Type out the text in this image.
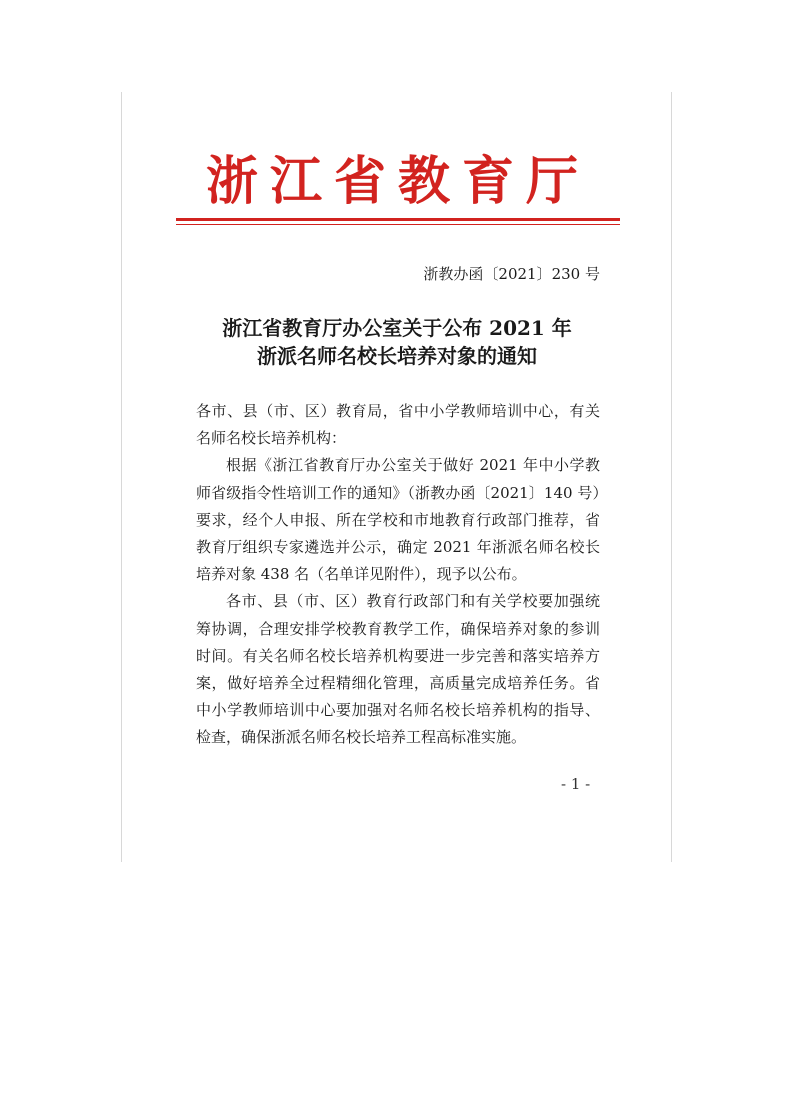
浙江省教育厅
浙教办函〔2021〕230 号
浙江省教育厅办公室关于公布 2021 年
浙派名师名校长培养对象的通知

各市、县（市、区）教育局，省中小学教师培训中心，有关名师名校长培养机构：

根据《浙江省教育厅办公室关于做好 2021 年中小学教师省级指令性培训工作的通知》（浙教办函〔2021〕140 号）要求，经个人申报、所在学校和市地教育行政部门推荐，省教育厅组织专家遴选并公示，确定 2021 年浙派名师名校长培养对象 438 名（名单详见附件），现予以公布。

各市、县（市、区）教育行政部门和有关学校要加强统筹协调，合理安排学校教育教学工作，确保培养对象的参训时间。有关名师名校长培养机构要进一步完善和落实培养方案，做好培养全过程精细化管理，高质量完成培养任务。省中小学教师培训中心要加强对名师名校长培养机构的指导、检查，确保浙派名师名校长培养工程高标准实施。

- 1 -
